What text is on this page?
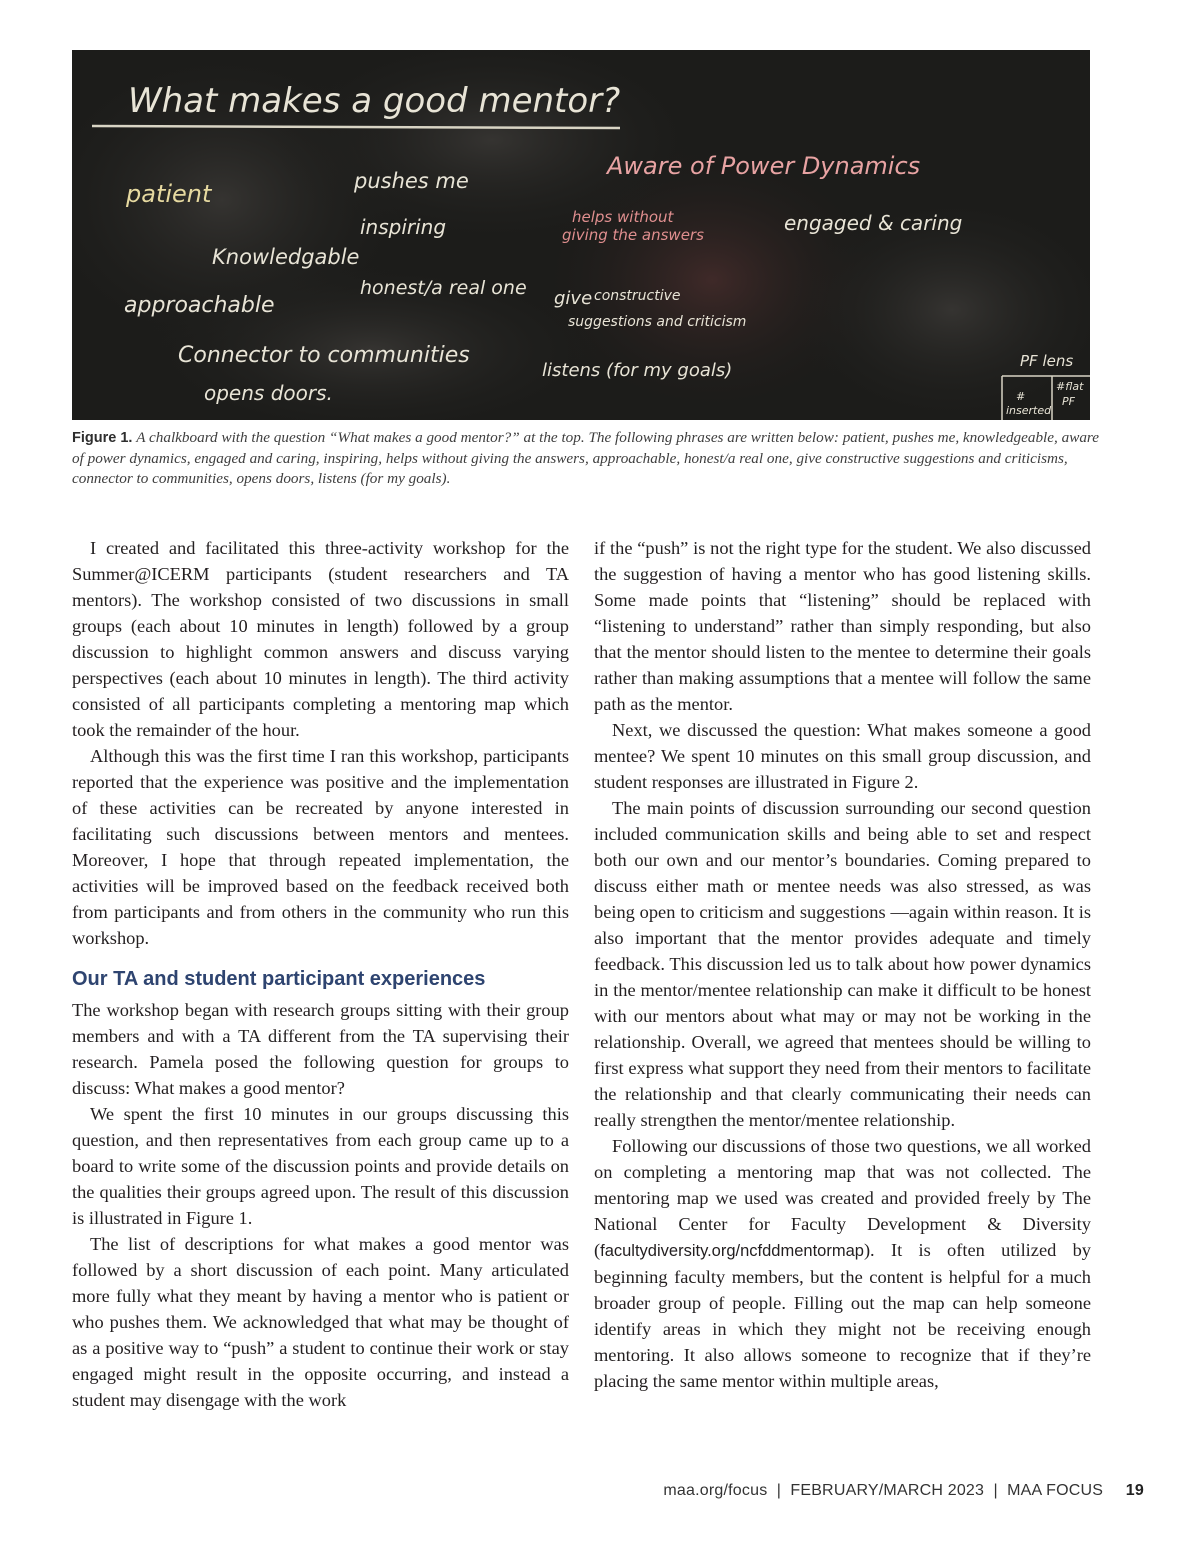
What makes a good mentor?
patient	pushes me
Aware of Power Dynamics
Knowledgable
inspiring	helps without
giving the answers	engaged & caring
approachable
honest/a real one give constructive
suggestions and criticism
Connector to communities
opens doors.
listens (for my goals)	PF lens
#
inserted
#flat
PF
Figure 1. A chalkboard with the question “What makes a good mentor?” at the top. The following phrases are written below: patient, pushes me, knowledgeable, aware of power dynamics, engaged and caring, inspiring, helps without giving the answers, approachable, honest/a real one, give constructive suggestions and criticisms, connector to communities, opens doors, listens (for my goals).

I created and facilitated this three-activity workshop for the Summer@ICERM participants (student researchers and TA mentors). The workshop consisted of two discussions in small groups (each about 10 minutes in length) followed by a group discussion to highlight common answers and discuss varying perspectives (each about 10 minutes in length). The third activity consisted of all participants completing a mentoring map which took the remainder of the hour.

Although this was the first time I ran this workshop, participants reported that the experience was positive and the implementation of these activities can be recreated by anyone interested in facilitating such discussions between mentors and mentees. Moreover, I hope that through repeated implementation, the activities will be improved based on the feedback received both from participants and from others in the community who run this workshop.

Our TA and student participant experiences

The workshop began with research groups sitting with their group members and with a TA different from the TA supervising their research. Pamela posed the following question for groups to discuss: What makes a good mentor?

We spent the first 10 minutes in our groups discussing this question, and then representatives from each group came up to a board to write some of the discussion points and provide details on the qualities their groups agreed upon. The result of this discussion is illustrated in Figure 1.

The list of descriptions for what makes a good mentor was followed by a short discussion of each point. Many articulated more fully what they meant by having a mentor who is patient or who pushes them. We acknowledged that what may be thought of as a positive way to “push” a student to continue their work or stay engaged might result in the opposite occurring, and instead a student may disengage with the work

if the “push” is not the right type for the student. We also discussed the suggestion of having a mentor who has good listening skills. Some made points that “listening” should be replaced with “listening to understand” rather than simply responding, but also that the mentor should listen to the mentee to determine their goals rather than making assumptions that a mentee will follow the same path as the mentor.

Next, we discussed the question: What makes someone a good mentee? We spent 10 minutes on this small group discussion, and student responses are illustrated in Figure 2.

The main points of discussion surrounding our second question included communication skills and being able to set and respect both our own and our mentor’s boundaries. Coming prepared to discuss either math or mentee needs was also stressed, as was being open to criticism and suggestions —again within reason. It is also important that the mentor provides adequate and timely feedback. This discussion led us to talk about how power dynamics in the mentor/mentee relationship can make it difficult to be honest with our mentors about what may or may not be working in the relationship. Overall, we agreed that mentees should be willing to first express what support they need from their mentors to facilitate the relationship and that clearly communicating their needs can really strengthen the mentor/mentee relationship.

Following our discussions of those two questions, we all worked on completing a mentoring map that was not collected. The mentoring map we used was created and provided freely by The National Center for Faculty Development & Diversity (facultydiversity.org/ncfddmentormap). It is often utilized by beginning faculty members, but the content is helpful for a much broader group of people. Filling out the map can help someone identify areas in which they might not be receiving enough mentoring. It also allows someone to recognize that if they’re placing the same mentor within multiple areas,

maa.org/focus  |  FEBRUARY/MARCH 2023  |  MAA FOCUS 19
